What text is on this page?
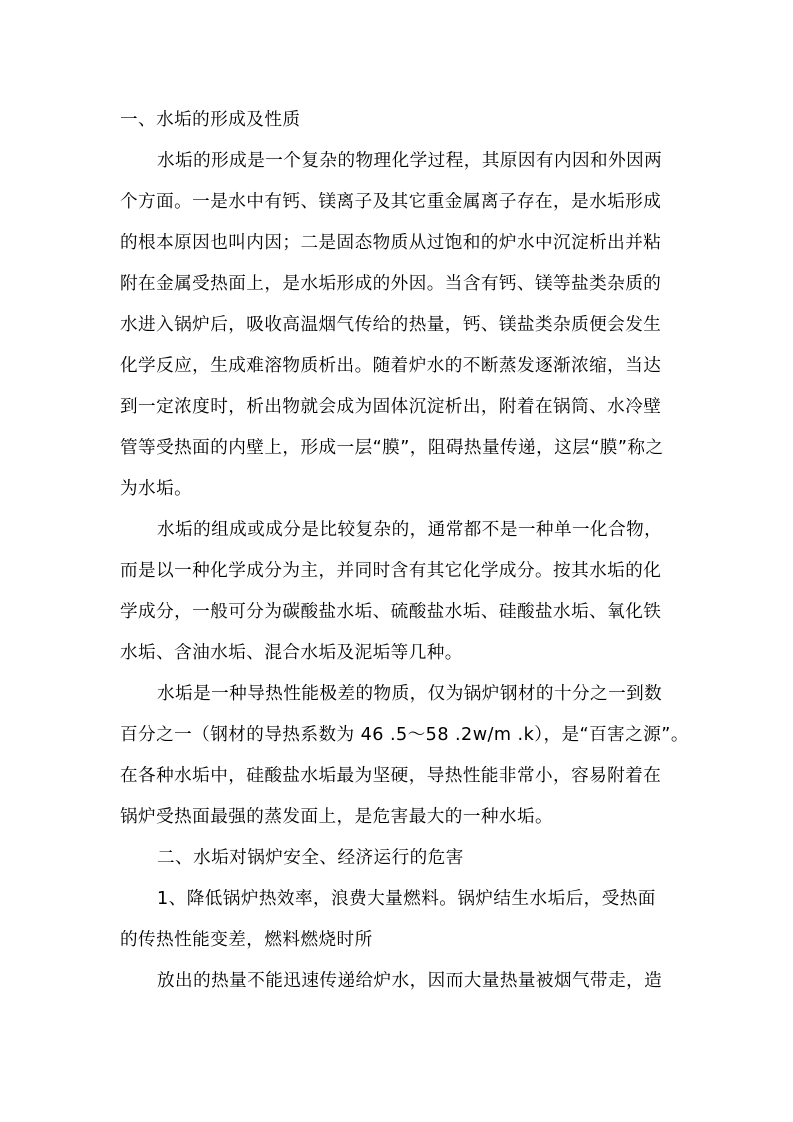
一、水垢的形成及性质

水垢的形成是一个复杂的物理化学过程，其原因有内因和外因两
个方面。一是水中有钙、镁离子及其它重金属离子存在，是水垢形成
的根本原因也叫内因；二是固态物质从过饱和的炉水中沉淀析出并粘
附在金属受热面上，是水垢形成的外因。当含有钙、镁等盐类杂质的
水进入锅炉后，吸收高温烟气传给的热量，钙、镁盐类杂质便会发生
化学反应，生成难溶物质析出。随着炉水的不断蒸发逐渐浓缩，当达
到一定浓度时，析出物就会成为固体沉淀析出，附着在锅筒、水冷壁
管等受热面的内壁上，形成一层“膜”，阻碍热量传递，这层“膜”称之
为水垢。

水垢的组成或成分是比较复杂的，通常都不是一种单一化合物，
而是以一种化学成分为主，并同时含有其它化学成分。按其水垢的化
学成分，一般可分为碳酸盐水垢、硫酸盐水垢、硅酸盐水垢、氧化铁
水垢、含油水垢、混合水垢及泥垢等几种。

水垢是一种导热性能极差的物质，仅为锅炉钢材的十分之一到数
百分之一（钢材的导热系数为 46 .5～58 .2w/m .k），是“百害之源”。
在各种水垢中，硅酸盐水垢最为坚硬，导热性能非常小，容易附着在
锅炉受热面最强的蒸发面上，是危害最大的一种水垢。

二、水垢对锅炉安全、经济运行的危害

1、降低锅炉热效率，浪费大量燃料。锅炉结生水垢后，受热面
的传热性能变差，燃料燃烧时所

放出的热量不能迅速传递给炉水，因而大量热量被烟气带走，造
